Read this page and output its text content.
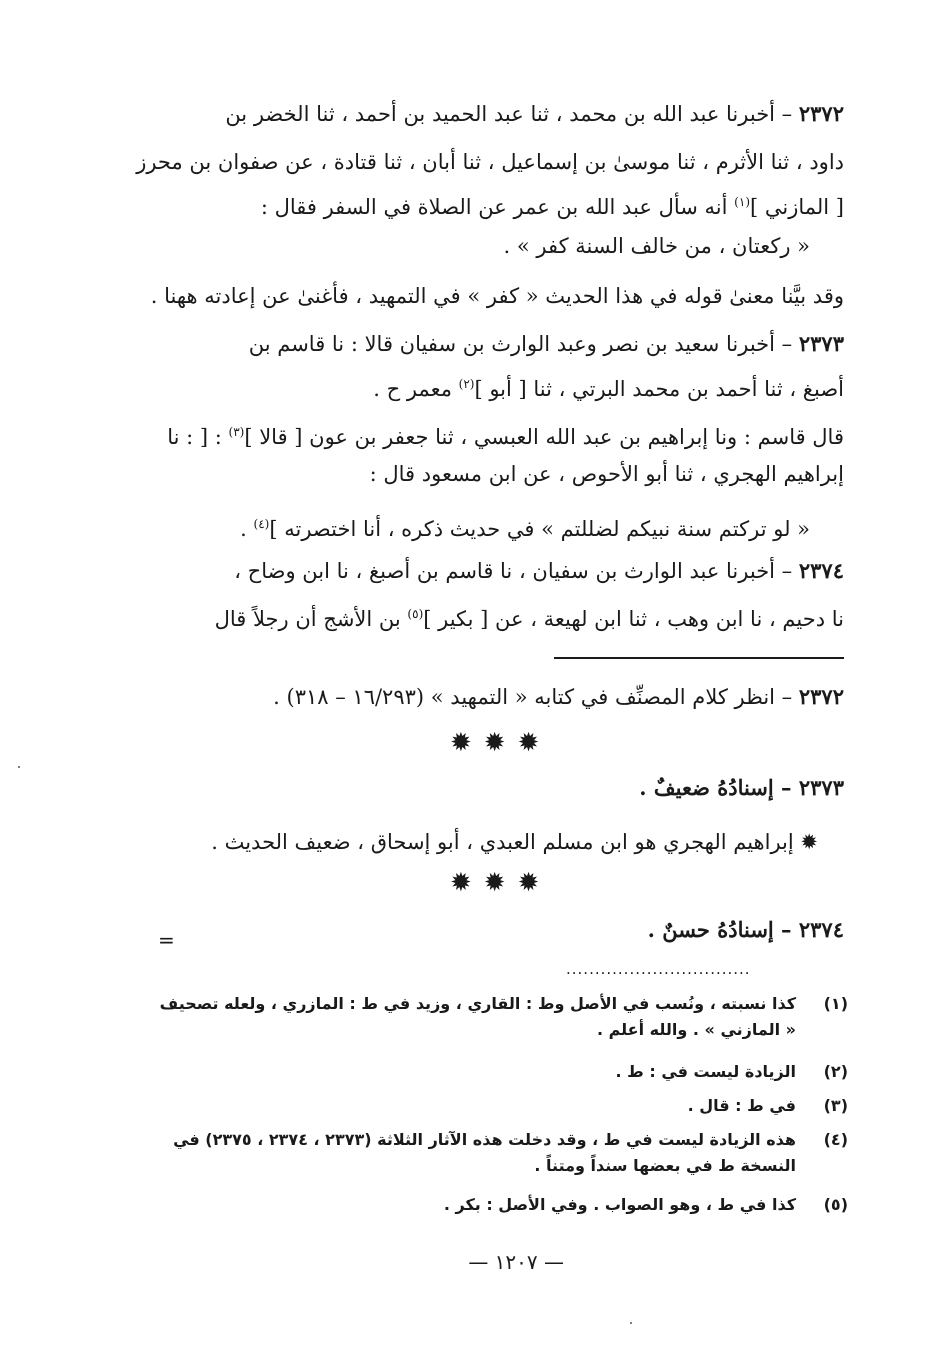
٢٣٧٢ – أخبرنا عبد الله بن محمد ، ثنا عبد الحميد بن أحمد ، ثنا الخضر بن
داود ، ثنا الأثرم ، ثنا موسىٰ بن إسماعيل ، ثنا أبان ، ثنا قتادة ، عن صفوان بن محرز
[ المازني ]$^{(١)}$ أنه سأل عبد الله بن عمر عن الصلاة في السفر فقال :
« ركعتان ، من خالف السنة كفر » .
وقد بيَّنا معنىٰ قوله في هذا الحديث « كفر » في التمهيد ، فأغنىٰ عن إعادته ههنا .
٢٣٧٣ – أخبرنا سعيد بن نصر وعبد الوارث بن سفيان قالا : نا قاسم بن
أصبغ ، ثنا أحمد بن محمد البرتي ، ثنا [ أبو ]$^{(٢)}$ معمر ح .
قال قاسم : ونا إبراهيم بن عبد الله العبسي ، ثنا جعفر بن عون [ قالا ]$^{(٣)}$ : [ : نا
إبراهيم الهجري ، ثنا أبو الأحوص ، عن ابن مسعود قال :
« لو تركتم سنة نبيكم لضللتم » في حديث ذكره ، أنا اختصرته ]$^{(٤)}$ .
٢٣٧٤ – أخبرنا عبد الوارث بن سفيان ، نا قاسم بن أصبغ ، نا ابن وضاح ،
نا دحيم ، نا ابن وهب ، ثنا ابن لهيعة ، عن [ بكير ]$^{(٥)}$ بن الأشج أن رجلاً قال
٢٣٧٢ – انظر كلام المصنِّف في كتابه « التمهيد » (١٦/٢٩٣ – ٣١٨) .
✹✹✹
٢٣٧٣ – إسنادُهُ ضعيفٌ .
✹ إبراهيم الهجري هو ابن مسلم العبدي ، أبو إسحاق ، ضعيف الحديث .
✹✹✹
٢٣٧٤ – إسنادُهُ حسنٌ .
=
................................
(١)
كذا نسبته ، ونُسب في الأصل وط : القاري ، وزيد في ط : المازري ، ولعله تصحيف
« المازني » . والله أعلم .
(٢)
الزيادة ليست في : ط .
(٣)
في ط : قال .
(٤)
هذه الزيادة ليست في ط ، وقد دخلت هذه الآثار الثلاثة (٢٣٧٣ ، ٢٣٧٤ ، ٢٣٧٥) في
النسخة ط في بعضها سنداً ومتناً .
(٥)
كذا في ط ، وهو الصواب . وفي الأصل : بكر .
— ١٢٠٧ —
